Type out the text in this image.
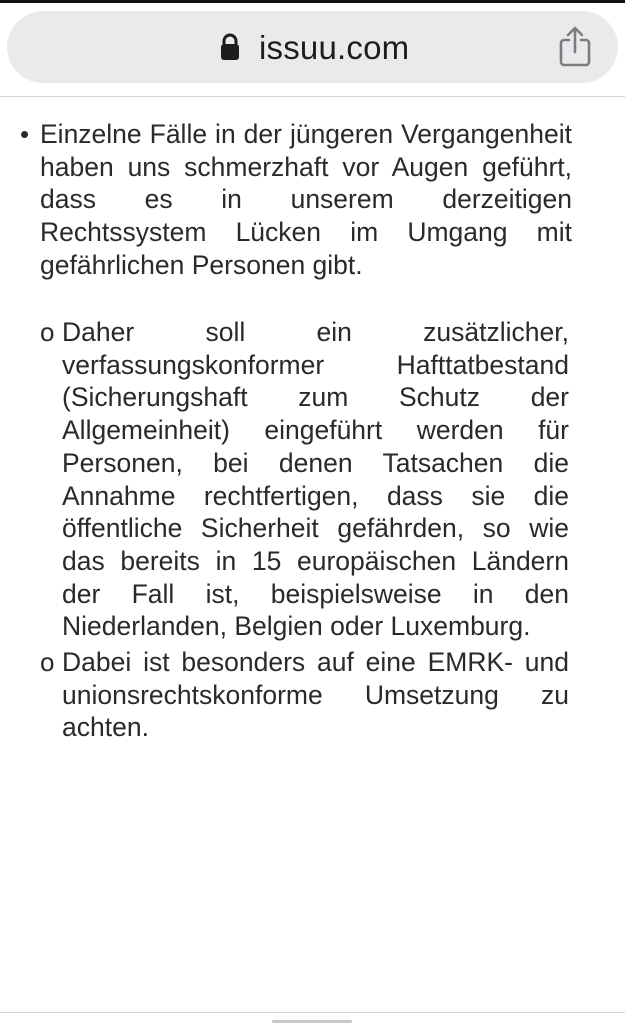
issuu.com
• Einzelne Fälle in der jüngeren Vergangenheit haben uns schmerzhaft vor Augen geführt, dass es in unserem derzeitigen Rechtssystem Lücken im Umgang mit gefährlichen Personen gibt.
o Daher soll ein zusätzlicher, verfassungskonformer Hafttatbestand (Sicherungshaft zum Schutz der Allgemeinheit) eingeführt werden für Personen, bei denen Tatsachen die Annahme rechtfertigen, dass sie die öffentliche Sicherheit gefährden, so wie das bereits in 15 europäischen Ländern der Fall ist, beispielsweise in den Niederlanden, Belgien oder Luxemburg.
o Dabei ist besonders auf eine EMRK- und unionsrechtskonforme Umsetzung zu achten.
